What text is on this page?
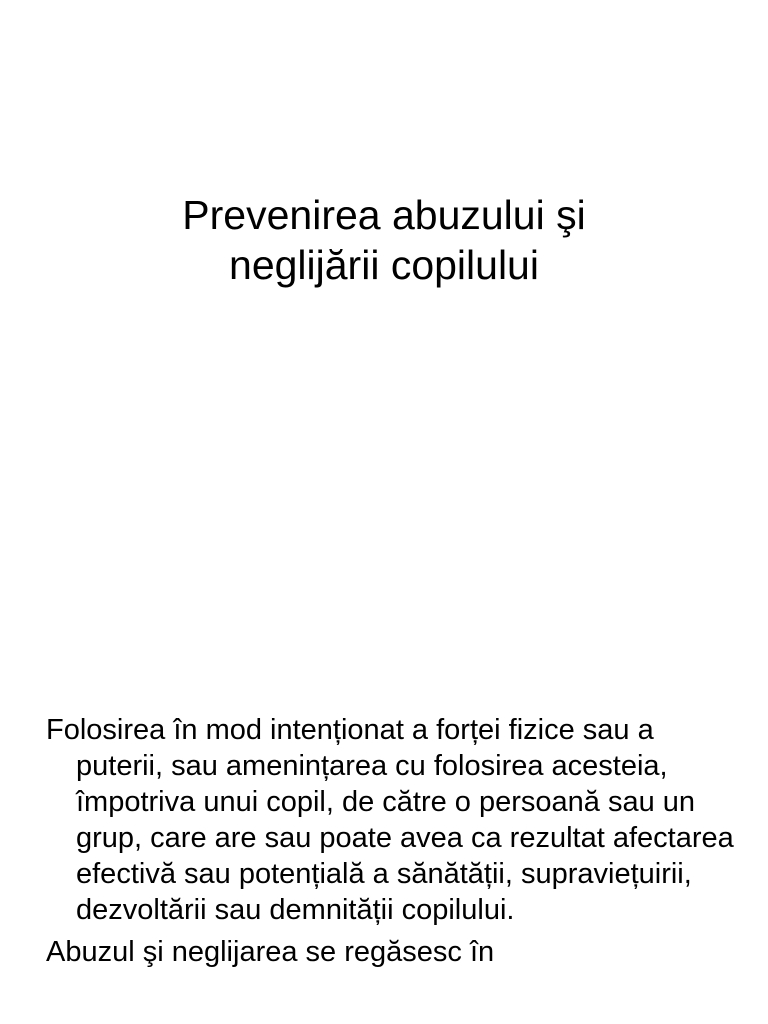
Prevenirea abuzului şi
neglijării copilului

Folosirea în mod intenționat a forței fizice sau a puterii, sau amenințarea cu folosirea acesteia, împotriva unui copil, de către o persoană sau un grup, care are sau poate avea ca rezultat afectarea efectivă sau potențială a sănătății, supraviețuirii, dezvoltării sau demnității copilului.

Abuzul şi neglijarea se regăsesc în
